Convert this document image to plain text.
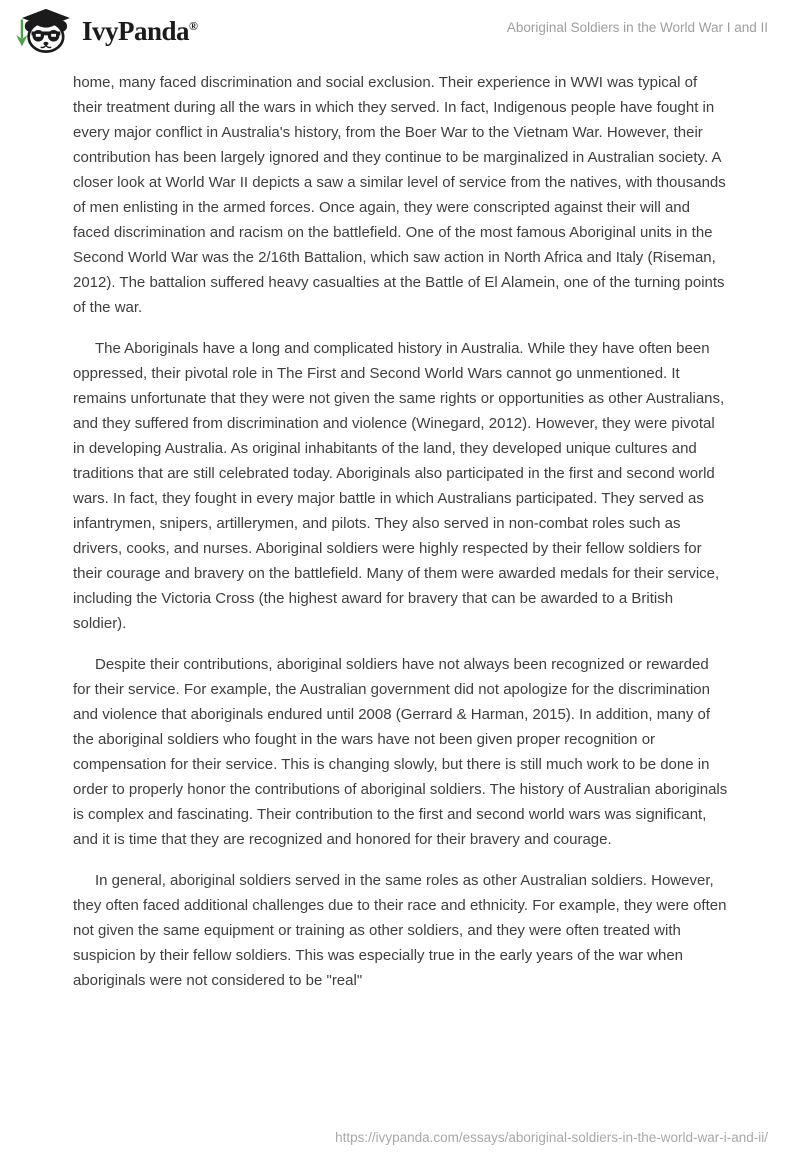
IvyPanda®	Aboriginal Soldiers in the World War I and II

home, many faced discrimination and social exclusion. Their experience in WWI was typical of their treatment during all the wars in which they served. In fact, Indigenous people have fought in every major conflict in Australia's history, from the Boer War to the Vietnam War. However, their contribution has been largely ignored and they continue to be marginalized in Australian society. A closer look at World War II depicts a saw a similar level of service from the natives, with thousands of men enlisting in the armed forces. Once again, they were conscripted against their will and faced discrimination and racism on the battlefield. One of the most famous Aboriginal units in the Second World War was the 2/16th Battalion, which saw action in North Africa and Italy (Riseman, 2012). The battalion suffered heavy casualties at the Battle of El Alamein, one of the turning points of the war.

The Aboriginals have a long and complicated history in Australia. While they have often been oppressed, their pivotal role in The First and Second World Wars cannot go unmentioned. It remains unfortunate that they were not given the same rights or opportunities as other Australians, and they suffered from discrimination and violence (Winegard, 2012). However, they were pivotal in developing Australia. As original inhabitants of the land, they developed unique cultures and traditions that are still celebrated today. Aboriginals also participated in the first and second world wars. In fact, they fought in every major battle in which Australians participated. They served as infantrymen, snipers, artillerymen, and pilots. They also served in non-combat roles such as drivers, cooks, and nurses. Aboriginal soldiers were highly respected by their fellow soldiers for their courage and bravery on the battlefield. Many of them were awarded medals for their service, including the Victoria Cross (the highest award for bravery that can be awarded to a British soldier).

Despite their contributions, aboriginal soldiers have not always been recognized or rewarded for their service. For example, the Australian government did not apologize for the discrimination and violence that aboriginals endured until 2008 (Gerrard & Harman, 2015). In addition, many of the aboriginal soldiers who fought in the wars have not been given proper recognition or compensation for their service. This is changing slowly, but there is still much work to be done in order to properly honor the contributions of aboriginal soldiers. The history of Australian aboriginals is complex and fascinating. Their contribution to the first and second world wars was significant, and it is time that they are recognized and honored for their bravery and courage.

In general, aboriginal soldiers served in the same roles as other Australian soldiers. However, they often faced additional challenges due to their race and ethnicity. For example, they were often not given the same equipment or training as other soldiers, and they were often treated with suspicion by their fellow soldiers. This was especially true in the early years of the war when aboriginals were not considered to be "real"

https://ivypanda.com/essays/aboriginal-soldiers-in-the-world-war-i-and-ii/
